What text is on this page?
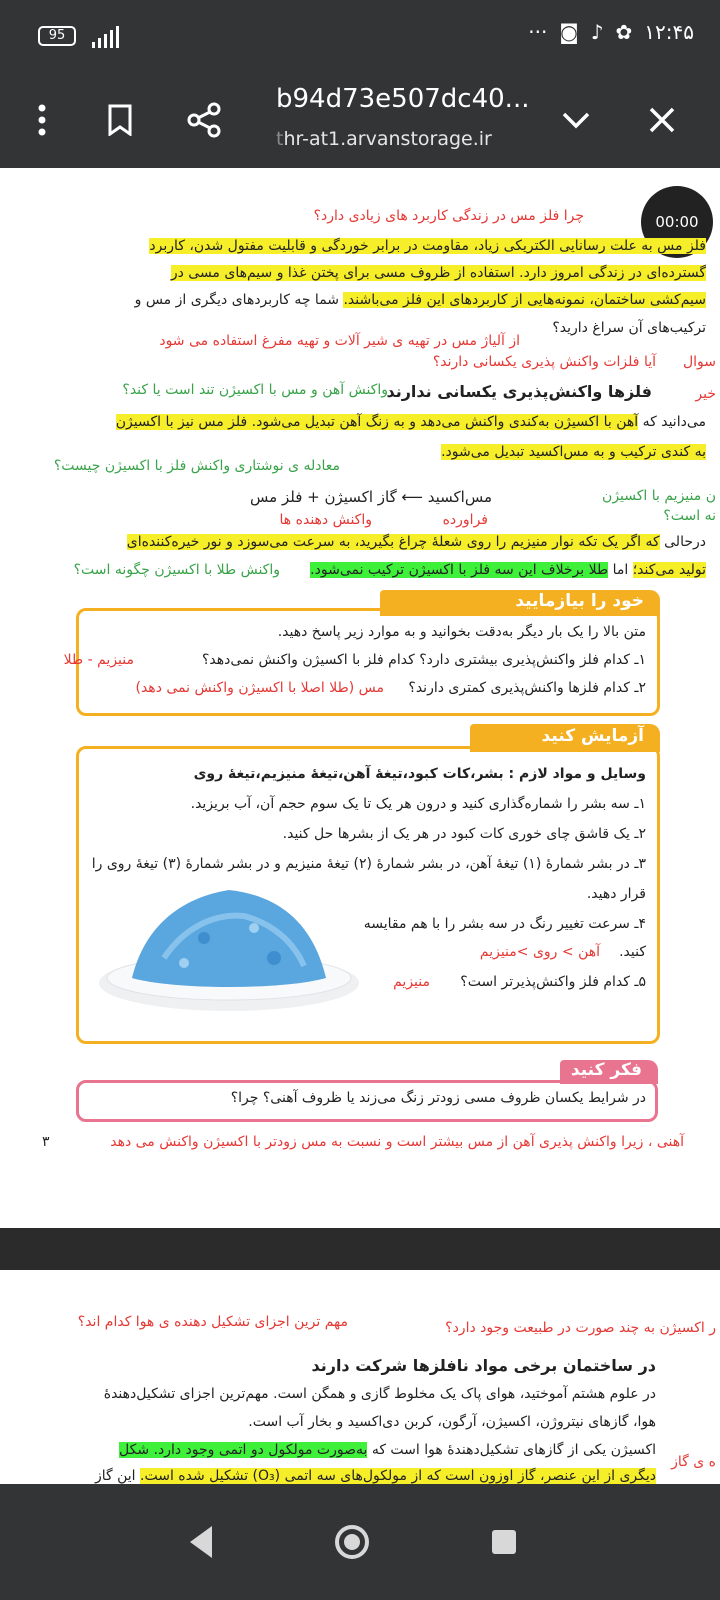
95	··· ◙ ♪ ✿ ۱۲:۴۵
b94d73e507dc40...
thr-at1.arvanstorage.ir
00:00
چرا فلز مس در زندگی کاربرد های زیادی دارد؟
فلز مس به علت رسانایی الکتریکی زیاد، مقاومت در برابر خوردگی و قابلیت مفتول شدن، کاربرد
گسترده‌ای در زندگی امروز دارد. استفاده از ظروف مسی برای پختن غذا و سیم‌های مسی در
سیم‌کشی ساختمان، نمونه‌هایی از کاربردهای این فلز می‌باشند. شما چه کاربردهای دیگری از مس و
ترکیب‌های آن سراغ دارید؟
از آلیاژ مس در تهیه ی شیر آلات و تهیه مفرغ استفاده می شود
سوال
آیا فلزات واکنش پذیری یکسانی دارند؟
واکنش آهن و مس با اکسیژن تند است یا کند؟	خیر
فلزها واکنش‌پذیری یکسانی ندارند
می‌دانید که آهن با اکسیژن به‌کندی واکنش می‌دهد و به زنگ آهن تبدیل می‌شود. فلز مس نیز با اکسیژن
به کندی ترکیب و به مس‌اکسید تبدیل می‌شود.
معادله ی نوشتاری واکنش فلز با اکسیژن چیست؟
مس‌اکسید ⟵ گاز اکسیژن + فلز مس	ن منیزیم با اکسیژن
نه است؟
فراورده
واکنش دهنده ها
درحالی که اگر یک تکه نوار منیزیم را روی شعلهٔ چراغ بگیرید، به سرعت می‌سوزد و نور خیره‌کننده‌ای
تولید می‌کند؛ اما طلا برخلاف این سه فلز با اکسیژن ترکیب نمی‌شود.
واکنش طلا با اکسیژن چگونه است؟
خود را بیازمایید
متن بالا را یک بار دیگر به‌دقت بخوانید و به موارد زیر پاسخ دهید.
۱ـ کدام فلز واکنش‌پذیری بیشتری دارد؟ کدام فلز با اکسیژن واکنش نمی‌دهد؟
منیزیم - طلا
۲ـ کدام فلزها واکنش‌پذیری کمتری دارند؟
مس (طلا اصلا با اکسیژن واکنش نمی دهد)
آزمایش کنید
وسایل و مواد لازم : بشر،کات کبود،تیغهٔ آهن،تیغهٔ منیزیم،تیغهٔ روی
۱ـ سه بشر را شماره‌گذاری کنید و درون هر یک تا یک سوم حجم آن، آب بریزید.
۲ـ یک قاشق چای خوری کات کبود در هر یک از بشرها حل کنید.
۳ـ در بشر شمارهٔ (۱) تیغهٔ آهن، در بشر شمارهٔ (۲) تیغهٔ منیزیم و در بشر شمارهٔ (۳) تیغهٔ روی را
قرار دهید.
۴ـ سرعت تغییر رنگ در سه بشر را با هم مقایسه
کنید.
آهن > روی >منیزیم
۵ـ کدام فلز واکنش‌پذیرتر است؟
منیزیم
فکر کنید
در شرایط یکسان ظروف مسی زودتر زنگ می‌زند یا ظروف آهنی؟ چرا؟
آهنی ، زیرا واکنش پذیری آهن از مس بیشتر است و نسبت به مس زودتر با اکسیژن واکنش می دهد
۳
مهم ترین اجزای تشکیل دهنده ی هوا کدام اند؟	ر اکسیژن به چند صورت در طبیعت وجود دارد؟
در ساختمان برخی مواد نافلزها شرکت دارند
در علوم هشتم آموختید، هوای پاک یک مخلوط گازی و همگن است. مهم‌ترین اجزای تشکیل‌دهندهٔ
هوا، گازهای نیتروژن، اکسیژن، آرگون، کربن دی‌اکسید و بخار آب است.
اکسیژن یکی از گازهای تشکیل‌دهندهٔ هوا است که به‌صورت مولکول دو اتمی وجود دارد. شکل
دیگری از این عنصر، گاز اوزون است که از مولکول‌های سه اتمی (O₃) تشکیل شده است. این گاز
ه ی گاز
